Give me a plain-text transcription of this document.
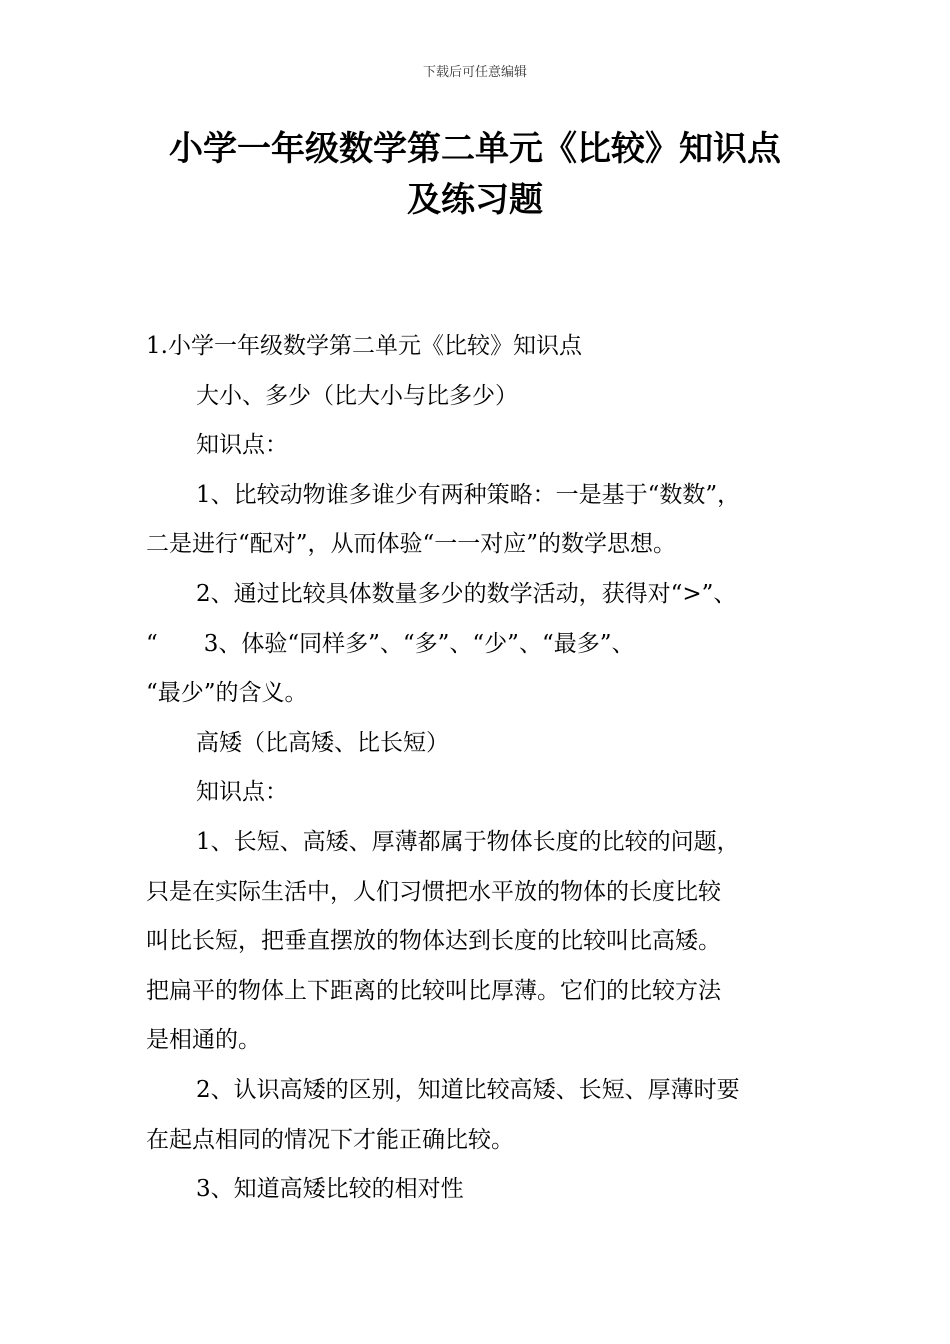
下载后可任意编辑
小学一年级数学第二单元《比较》知识点
及练习题
1.小学一年级数学第二单元《比较》知识点
大小、多少（比大小与比多少）
知识点：
1、比较动物谁多谁少有两种策略：一是基于“数数”，
二是进行“配对”，从而体验“一一对应”的数学思想。
2、通过比较具体数量多少的数学活动，获得对“>”、
“　　3、体验“同样多”、“多”、“少”、“最多”、
“最少”的含义。
高矮（比高矮、比长短）
知识点：
1、长短、高矮、厚薄都属于物体长度的比较的问题，
只是在实际生活中，人们习惯把水平放的物体的长度比较
叫比长短，把垂直摆放的物体达到长度的比较叫比高矮。
把扁平的物体上下距离的比较叫比厚薄。它们的比较方法
是相通的。
2、认识高矮的区别，知道比较高矮、长短、厚薄时要
在起点相同的情况下才能正确比较。
3、知道高矮比较的相对性
